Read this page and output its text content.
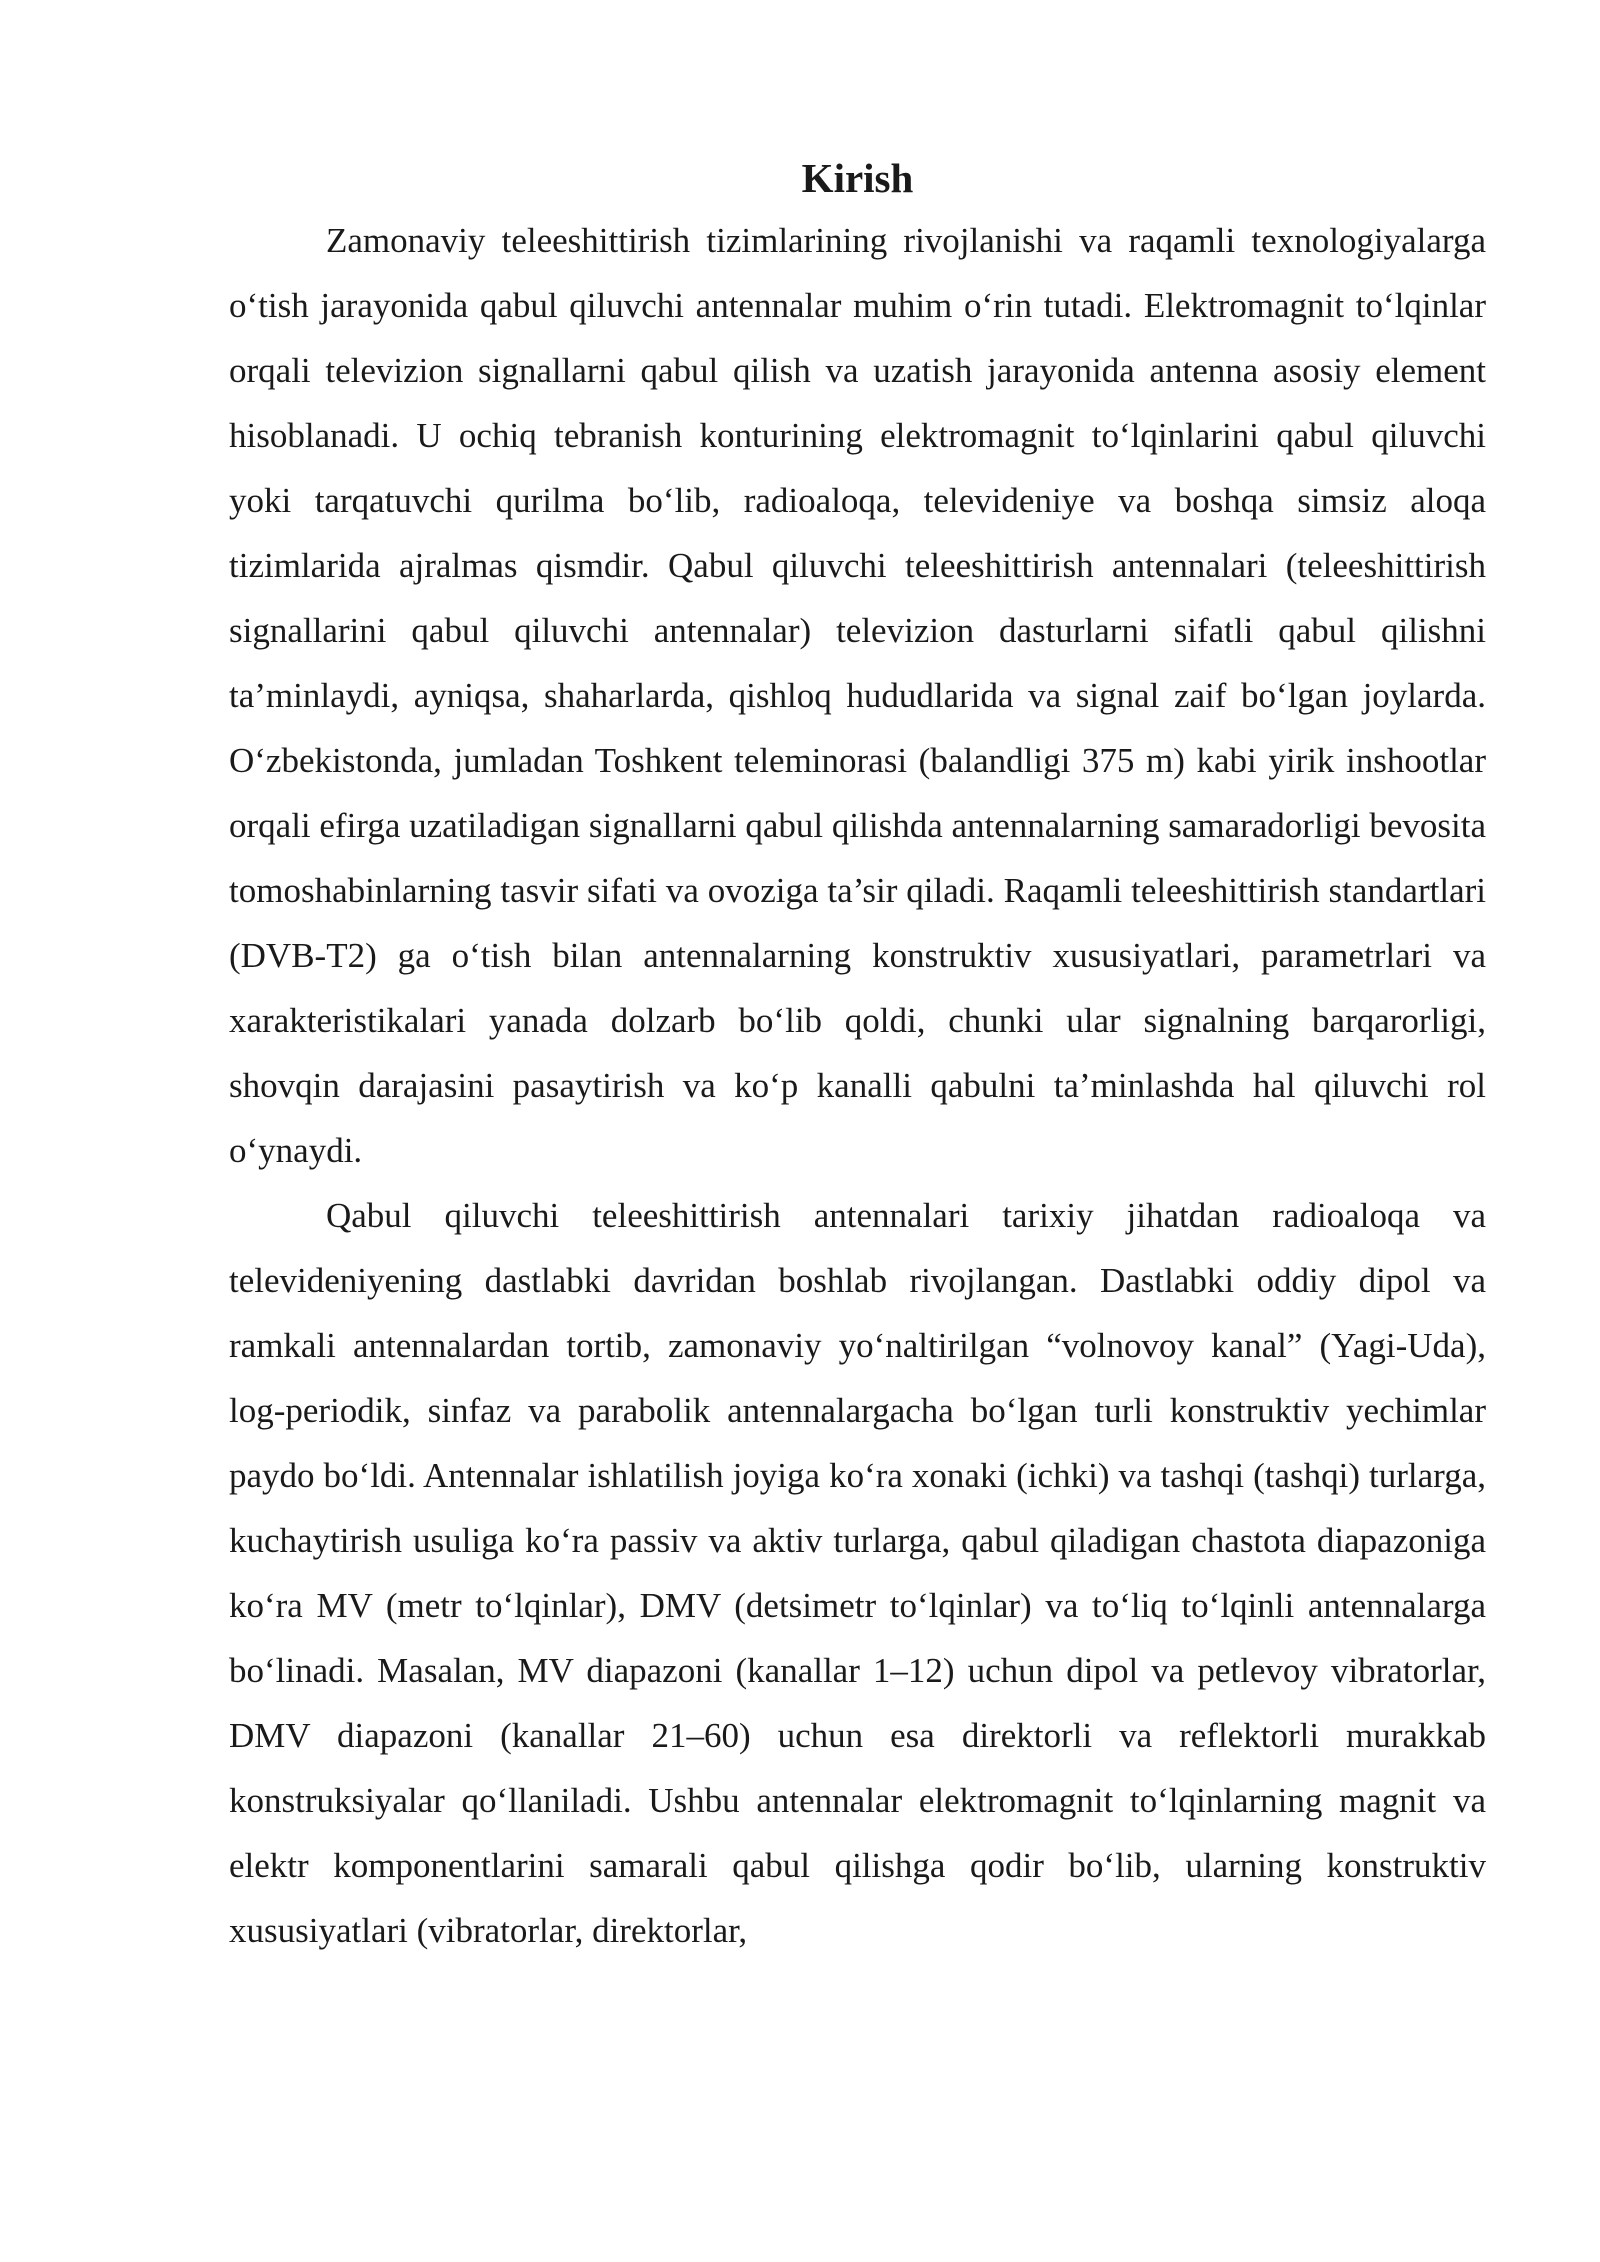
Kirish

Zamonaviy teleeshittirish tizimlarining rivojlanishi va raqamli texnologiyalarga o‘tish jarayonida qabul qiluvchi antennalar muhim o‘rin tutadi. Elektromagnit to‘lqinlar orqali televizion signallarni qabul qilish va uzatish jarayonida antenna asosiy element hisoblanadi. U ochiq tebranish konturining elektromagnit to‘lqinlarini qabul qiluvchi yoki tarqatuvchi qurilma bo‘lib, radioaloqa, televideniye va boshqa simsiz aloqa tizimlarida ajralmas qismdir. Qabul qiluvchi teleeshittirish antennalari (teleeshittirish signallarini qabul qiluvchi antennalar) televizion dasturlarni sifatli qabul qilishni ta’minlaydi, ayniqsa, shaharlarda, qishloq hududlarida va signal zaif bo‘lgan joylarda. O‘zbekistonda, jumladan Toshkent teleminorasi (balandligi 375 m) kabi yirik inshootlar orqali efirga uzatiladigan signallarni qabul qilishda antennalarning samaradorligi bevosita tomoshabinlarning tasvir sifati va ovoziga ta’sir qiladi. Raqamli teleeshittirish standartlari (DVB-T2) ga o‘tish bilan antennalarning konstruktiv xususiyatlari, parametrlari va xarakteristikalari yanada dolzarb bo‘lib qoldi, chunki ular signalning barqarorligi, shovqin darajasini pasaytirish va ko‘p kanalli qabulni ta’minlashda hal qiluvchi rol o‘ynaydi.

Qabul qiluvchi teleeshittirish antennalari tarixiy jihatdan radioaloqa va televideniyening dastlabki davridan boshlab rivojlangan. Dastlabki oddiy dipol va ramkali antennalardan tortib, zamonaviy yo‘naltirilgan “volnovoy kanal” (Yagi-Uda), log-periodik, sinfaz va parabolik antennalargacha bo‘lgan turli konstruktiv yechimlar paydo bo‘ldi. Antennalar ishlatilish joyiga ko‘ra xonaki (ichki) va tashqi (tashqi) turlarga, kuchaytirish usuliga ko‘ra passiv va aktiv turlarga, qabul qiladigan chastota diapazoniga ko‘ra MV (metr to‘lqinlar), DMV (detsimetr to‘lqinlar) va to‘liq to‘lqinli antennalarga bo‘linadi. Masalan, MV diapazoni (kanallar 1–12) uchun dipol va petlevoy vibratorlar, DMV diapazoni (kanallar 21–60) uchun esa direktorli va reflektorli murakkab konstruksiyalar qo‘llaniladi. Ushbu antennalar elektromagnit to‘lqinlarning magnit va elektr komponentlarini samarali qabul qilishga qodir bo‘lib, ularning konstruktiv xususiyatlari (vibratorlar, direktorlar,
